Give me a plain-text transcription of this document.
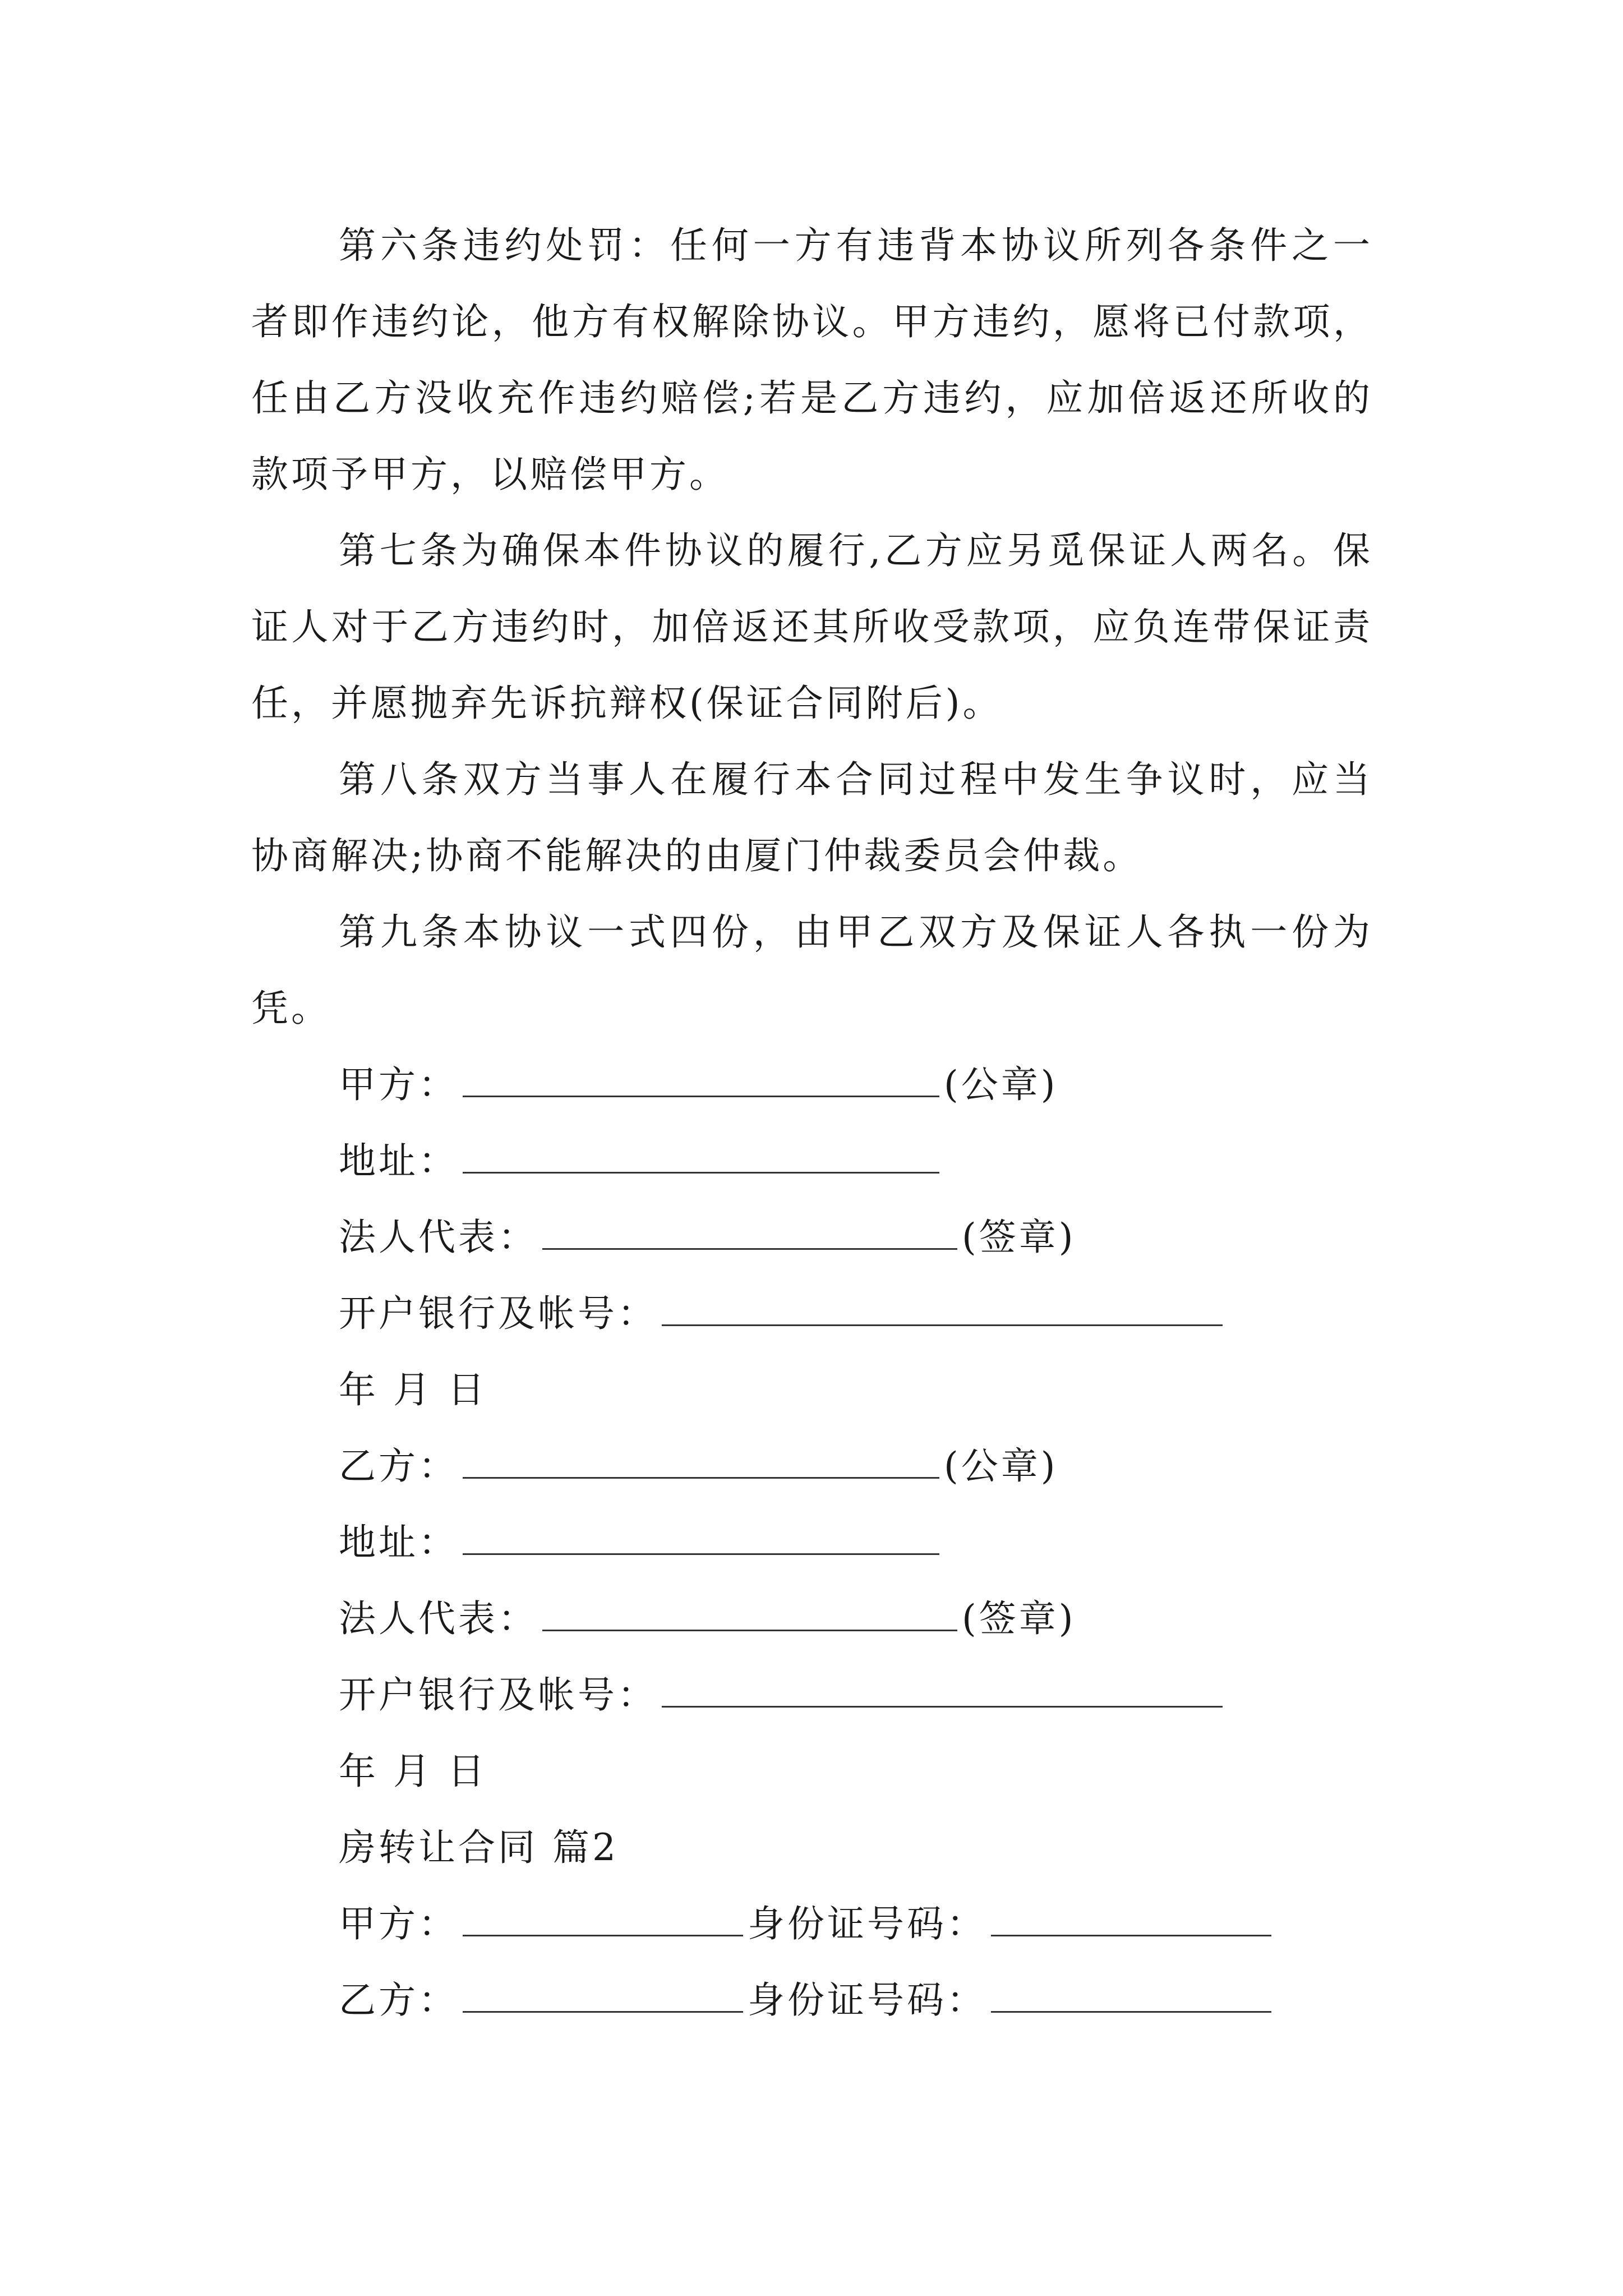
第六条违约处罚：任何一方有违背本协议所列各条件之一者即作违约论，他方有权解除协议。甲方违约，愿将已付款项，任由乙方没收充作违约赔偿;若是乙方违约，应加倍返还所收的款项予甲方，以赔偿甲方。

第七条为确保本件协议的履行,乙方应另觅保证人两名。保证人对于乙方违约时，加倍返还其所收受款项，应负连带保证责任，并愿抛弃先诉抗辩权(保证合同附后)。

第八条双方当事人在履行本合同过程中发生争议时，应当协商解决;协商不能解决的由厦门仲裁委员会仲裁。

第九条本协议一式四份，由甲乙双方及保证人各执一份为凭。

甲方：	(公章)
地址：
法人代表：	(签章)
开户银行及帐号：
年 月 日
乙方：	(公章)
地址：
法人代表：	(签章)
开户银行及帐号：
年 月 日
房转让合同 篇2
甲方：	身份证号码：
乙方：	身份证号码：
